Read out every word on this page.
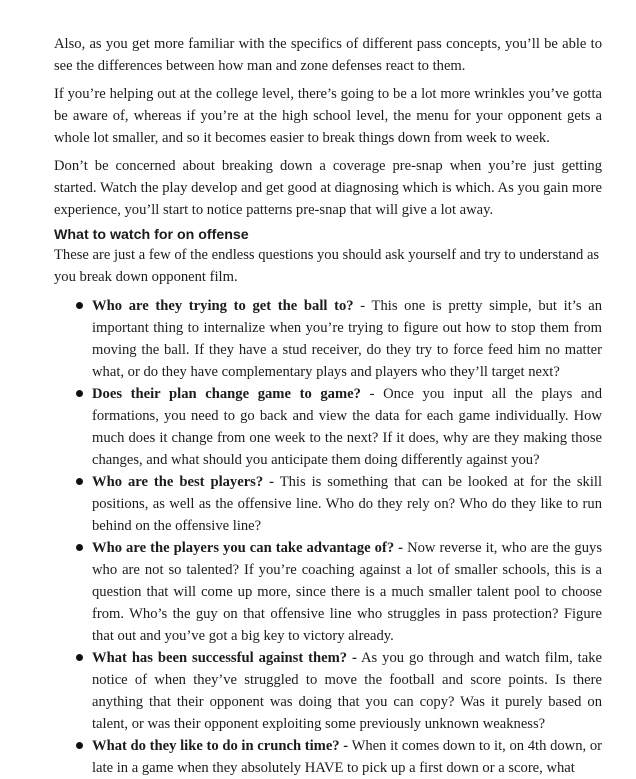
Also, as you get more familiar with the specifics of different pass concepts, you’ll be able to see the differences between how man and zone defenses react to them.

If you’re helping out at the college level, there’s going to be a lot more wrinkles you’ve gotta be aware of, whereas if you’re at the high school level, the menu for your opponent gets a whole lot smaller, and so it becomes easier to break things down from week to week.

Don’t be concerned about breaking down a coverage pre-snap when you’re just getting started. Watch the play develop and get good at diagnosing which is which. As you gain more experience, you’ll start to notice patterns pre-snap that will give a lot away.

What to watch for on offense

These are just a few of the endless questions you should ask yourself and try to understand as you break down opponent film.

Who are they trying to get the ball to? - This one is pretty simple, but it’s an important thing to internalize when you’re trying to figure out how to stop them from moving the ball. If they have a stud receiver, do they try to force feed him no matter what, or do they have complementary plays and players who they’ll target next?
Does their plan change game to game? - Once you input all the plays and formations, you need to go back and view the data for each game individually. How much does it change from one week to the next? If it does, why are they making those changes, and what should you anticipate them doing differently against you?
Who are the best players? - This is something that can be looked at for the skill positions, as well as the offensive line. Who do they rely on? Who do they like to run behind on the offensive line?
Who are the players you can take advantage of? - Now reverse it, who are the guys who are not so talented? If you’re coaching against a lot of smaller schools, this is a question that will come up more, since there is a much smaller talent pool to choose from. Who’s the guy on that offensive line who struggles in pass protection? Figure that out and you’ve got a big key to victory already.
What has been successful against them? - As you go through and watch film, take notice of when they’ve struggled to move the football and score points. Is there anything that their opponent was doing that you can copy? Was it purely based on talent, or was their opponent exploiting some previously unknown weakness?
What do they like to do in crunch time? - When it comes down to it, on 4th down, or late in a game when they absolutely HAVE to pick up a first down or a score, what
